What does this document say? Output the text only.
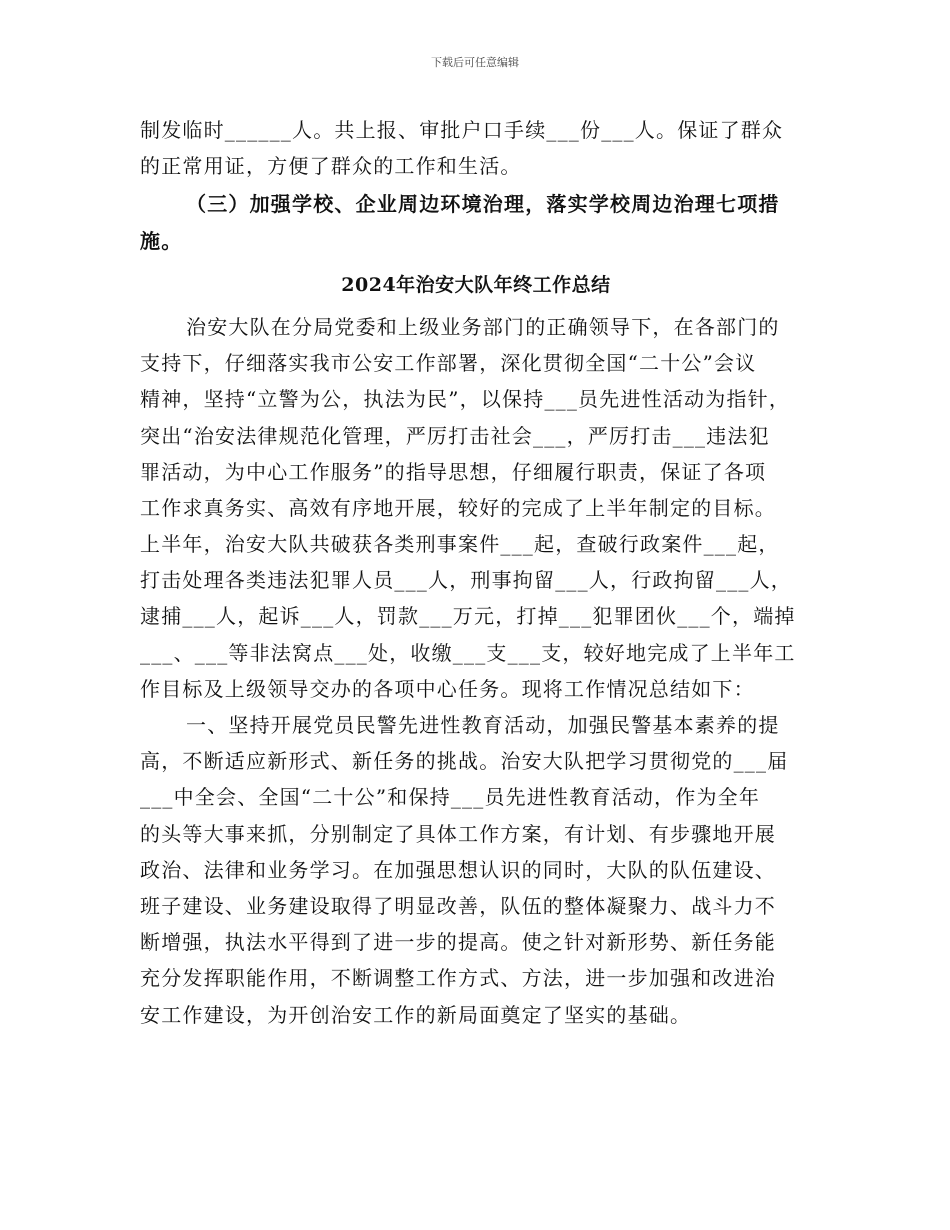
下载后可任意编辑
制发临时______人。共上报、审批户口手续___份___人。保证了群众
的正常用证，方便了群众的工作和生活。
（三）加强学校、企业周边环境治理，落实学校周边治理七项措
施。
2024年治安大队年终工作总结
治安大队在分局党委和上级业务部门的正确领导下，在各部门的
支持下，仔细落实我市公安工作部署，深化贯彻全国“二十公”会议
精神，坚持“立警为公，执法为民”，以保持___员先进性活动为指针，
突出“治安法律规范化管理，严厉打击社会___，严厉打击___违法犯
罪活动，为中心工作服务”的指导思想，仔细履行职责，保证了各项
工作求真务实、高效有序地开展，较好的完成了上半年制定的目标。
上半年，治安大队共破获各类刑事案件___起，查破行政案件___起，
打击处理各类违法犯罪人员___人，刑事拘留___人，行政拘留___人，
逮捕___人，起诉___人，罚款___万元，打掉___犯罪团伙___个，端掉
___、___等非法窝点___处，收缴___支___支，较好地完成了上半年工
作目标及上级领导交办的各项中心任务。现将工作情况总结如下：
一、坚持开展党员民警先进性教育活动，加强民警基本素养的提
高，不断适应新形式、新任务的挑战。治安大队把学习贯彻党的___届
___中全会、全国“二十公”和保持___员先进性教育活动，作为全年
的头等大事来抓，分别制定了具体工作方案，有计划、有步骤地开展
政治、法律和业务学习。在加强思想认识的同时，大队的队伍建设、
班子建设、业务建设取得了明显改善，队伍的整体凝聚力、战斗力不
断增强，执法水平得到了进一步的提高。使之针对新形势、新任务能
充分发挥职能作用，不断调整工作方式、方法，进一步加强和改进治
安工作建设，为开创治安工作的新局面奠定了坚实的基础。
